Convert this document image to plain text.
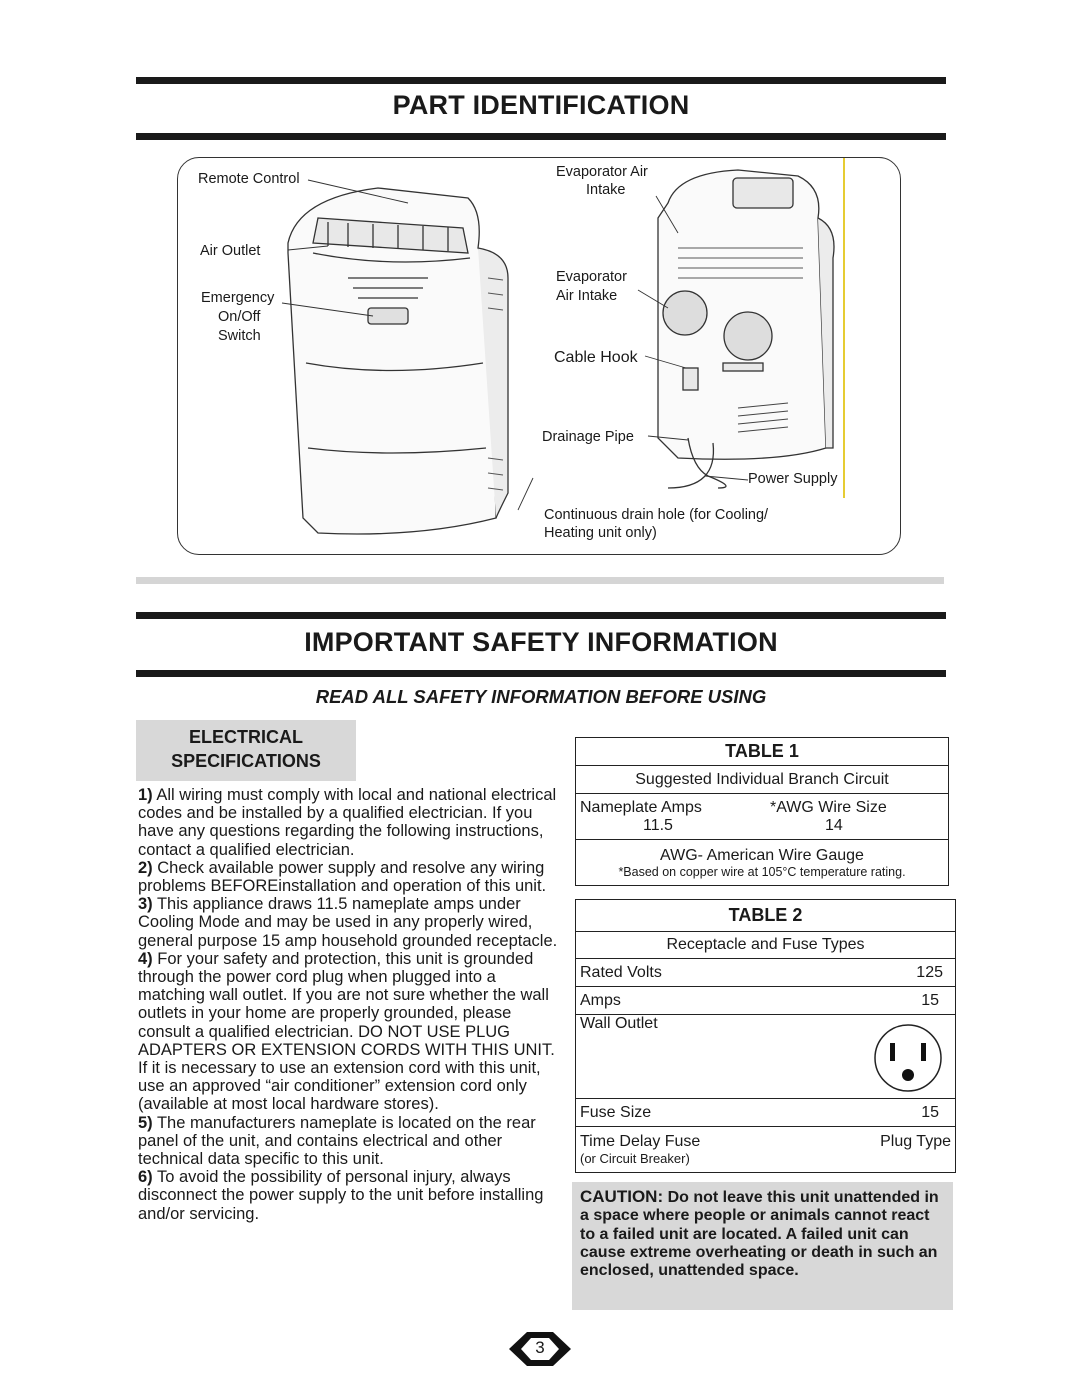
PART IDENTIFICATION
Remote Control
Air Outlet
Emergency
On/Off
Switch
Evaporator Air
Intake
Evaporator
Air Intake
Cable Hook
Drainage Pipe
Power Supply
Continuous drain hole (for Cooling/
Heating unit only)
IMPORTANT SAFETY INFORMATION
READ ALL SAFETY INFORMATION BEFORE USING
ELECTRICAL
SPECIFICATIONS
1) All wiring must comply with local and national electrical codes and be installed by a qualified electrician. If you have any questions regarding the following instructions, contact a qualified electrician.
2) Check available power supply and resolve any wiring problems BEFOREinstallation and operation of this unit.
3) This appliance draws 11.5 nameplate amps under Cooling Mode and may be used in any properly wired, general purpose 15 amp household grounded receptacle.
4) For your safety and protection, this unit is grounded through the power cord plug when plugged into a matching wall outlet. If you are not sure whether the wall outlets in your home are properly grounded, please consult a qualified electrician. DO NOT USE PLUG ADAPTERS OR EXTENSION CORDS WITH THIS UNIT. If it is necessary to use an extension cord with this unit, use an approved “air conditioner” extension cord only (available at most local hardware stores).
5) The manufacturers nameplate is located on the rear panel of the unit, and contains electrical and other technical data specific to this unit.
6) To avoid the possibility of personal injury, always disconnect the power supply to the unit before installing and/or servicing.
TABLE 1
Suggested Individual Branch Circuit

Nameplate Amps	*AWG Wire Size
11.5	14

AWG- American Wire Gauge
*Based on copper wire at 105°C temperature rating.
TABLE 2
Receptacle and Fuse Types

Rated Volts	125

Amps	15

Wall Outlet

Fuse Size	15

Time Delay Fuse	Plug Type
(or Circuit Breaker)
CAUTION: Do not leave this unit unattended in a space where people or animals cannot react to a failed unit are located. A failed unit can cause extreme overheating or death in such an enclosed, unattended space.
3
